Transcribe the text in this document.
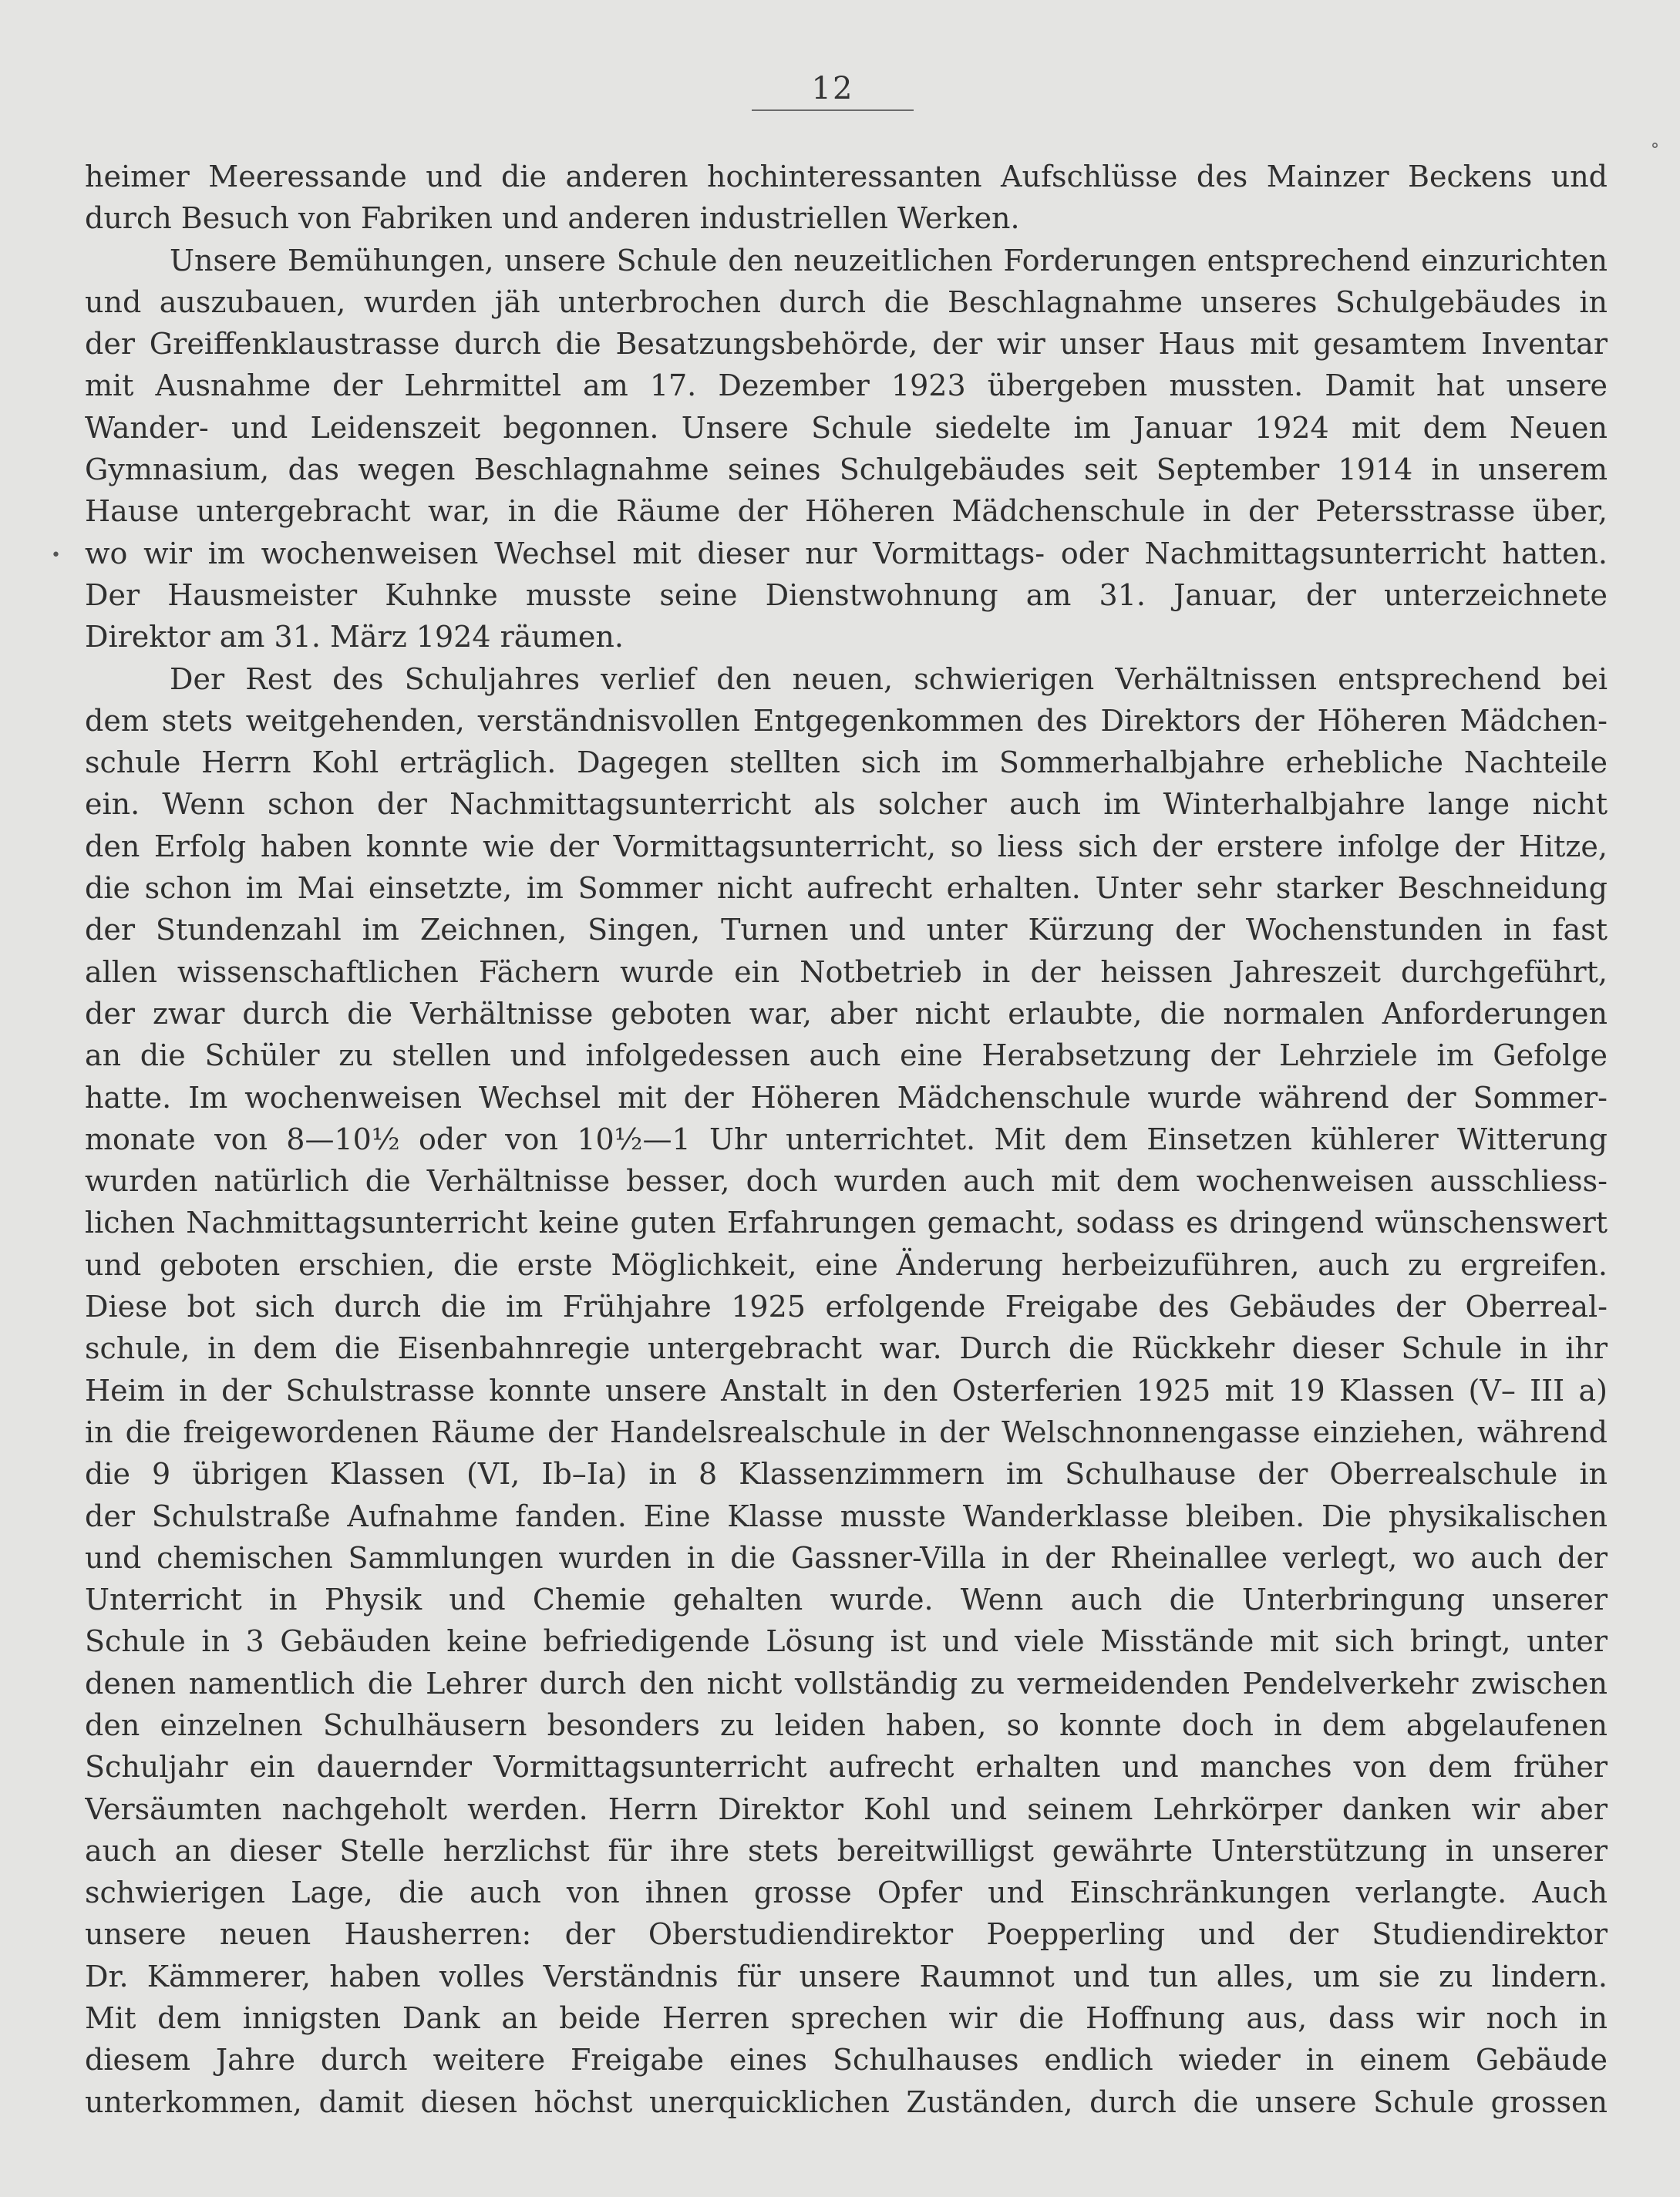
12
˚
•
heimer Meeressande und die anderen hochinteressanten Aufschlüsse des Mainzer Beckens und
durch Besuch von Fabriken und anderen industriellen Werken.
Unsere Bemühungen, unsere Schule den neuzeitlichen Forderungen entsprechend einzurichten
und auszubauen, wurden jäh unterbrochen durch die Beschlagnahme unseres Schulgebäudes in
der Greiffenklaustrasse durch die Besatzungsbehörde, der wir unser Haus mit gesamtem Inventar
mit Ausnahme der Lehrmittel am 17. Dezember 1923 übergeben mussten. Damit hat unsere
Wander- und Leidenszeit begonnen. Unsere Schule siedelte im Januar 1924 mit dem Neuen
Gymnasium, das wegen Beschlagnahme seines Schulgebäudes seit September 1914 in unserem
Hause untergebracht war, in die Räume der Höheren Mädchenschule in der Petersstrasse über,
wo wir im wochenweisen Wechsel mit dieser nur Vormittags- oder Nachmittagsunterricht hatten.
Der Hausmeister Kuhnke musste seine Dienstwohnung am 31. Januar, der unterzeichnete
Direktor am 31. März 1924 räumen.
Der Rest des Schuljahres verlief den neuen, schwierigen Verhältnissen entsprechend bei
dem stets weitgehenden, verständnisvollen Entgegenkommen des Direktors der Höheren Mädchen-
schule Herrn Kohl erträglich. Dagegen stellten sich im Sommerhalbjahre erhebliche Nachteile
ein. Wenn schon der Nachmittagsunterricht als solcher auch im Winterhalbjahre lange nicht
den Erfolg haben konnte wie der Vormittagsunterricht, so liess sich der erstere infolge der Hitze,
die schon im Mai einsetzte, im Sommer nicht aufrecht erhalten. Unter sehr starker Beschneidung
der Stundenzahl im Zeichnen, Singen, Turnen und unter Kürzung der Wochenstunden in fast
allen wissenschaftlichen Fächern wurde ein Notbetrieb in der heissen Jahreszeit durchgeführt,
der zwar durch die Verhältnisse geboten war, aber nicht erlaubte, die normalen Anforderungen
an die Schüler zu stellen und infolgedessen auch eine Herabsetzung der Lehrziele im Gefolge
hatte. Im wochenweisen Wechsel mit der Höheren Mädchenschule wurde während der Sommer-
monate von 8—10½ oder von 10½—1 Uhr unterrichtet. Mit dem Einsetzen kühlerer Witterung
wurden natürlich die Verhältnisse besser, doch wurden auch mit dem wochenweisen ausschliess-
lichen Nachmittagsunterricht keine guten Erfahrungen gemacht, sodass es dringend wünschenswert
und geboten erschien, die erste Möglichkeit, eine Änderung herbeizuführen, auch zu ergreifen.
Diese bot sich durch die im Frühjahre 1925 erfolgende Freigabe des Gebäudes der Oberreal-
schule, in dem die Eisenbahnregie untergebracht war. Durch die Rückkehr dieser Schule in ihr
Heim in der Schulstrasse konnte unsere Anstalt in den Osterferien 1925 mit 19 Klassen (V– III a)
in die freigewordenen Räume der Handelsrealschule in der Welschnonnengasse einziehen, während
die 9 übrigen Klassen (VI, Ib–Ia) in 8 Klassenzimmern im Schulhause der Oberrealschule in
der Schulstraße Aufnahme fanden. Eine Klasse musste Wanderklasse bleiben. Die physikalischen
und chemischen Sammlungen wurden in die Gassner-Villa in der Rheinallee verlegt, wo auch der
Unterricht in Physik und Chemie gehalten wurde. Wenn auch die Unterbringung unserer
Schule in 3 Gebäuden keine befriedigende Lösung ist und viele Misstände mit sich bringt, unter
denen namentlich die Lehrer durch den nicht vollständig zu vermeidenden Pendelverkehr zwischen
den einzelnen Schulhäusern besonders zu leiden haben, so konnte doch in dem abgelaufenen
Schuljahr ein dauernder Vormittagsunterricht aufrecht erhalten und manches von dem früher
Versäumten nachgeholt werden. Herrn Direktor Kohl und seinem Lehrkörper danken wir aber
auch an dieser Stelle herzlichst für ihre stets bereitwilligst gewährte Unterstützung in unserer
schwierigen Lage, die auch von ihnen grosse Opfer und Einschränkungen verlangte. Auch
unsere neuen Hausherren: der Oberstudiendirektor Poepperling und der Studiendirektor
Dr. Kämmerer, haben volles Verständnis für unsere Raumnot und tun alles, um sie zu lindern.
Mit dem innigsten Dank an beide Herren sprechen wir die Hoffnung aus, dass wir noch in
diesem Jahre durch weitere Freigabe eines Schulhauses endlich wieder in einem Gebäude
unterkommen, damit diesen höchst unerquicklichen Zuständen, durch die unsere Schule grossen
